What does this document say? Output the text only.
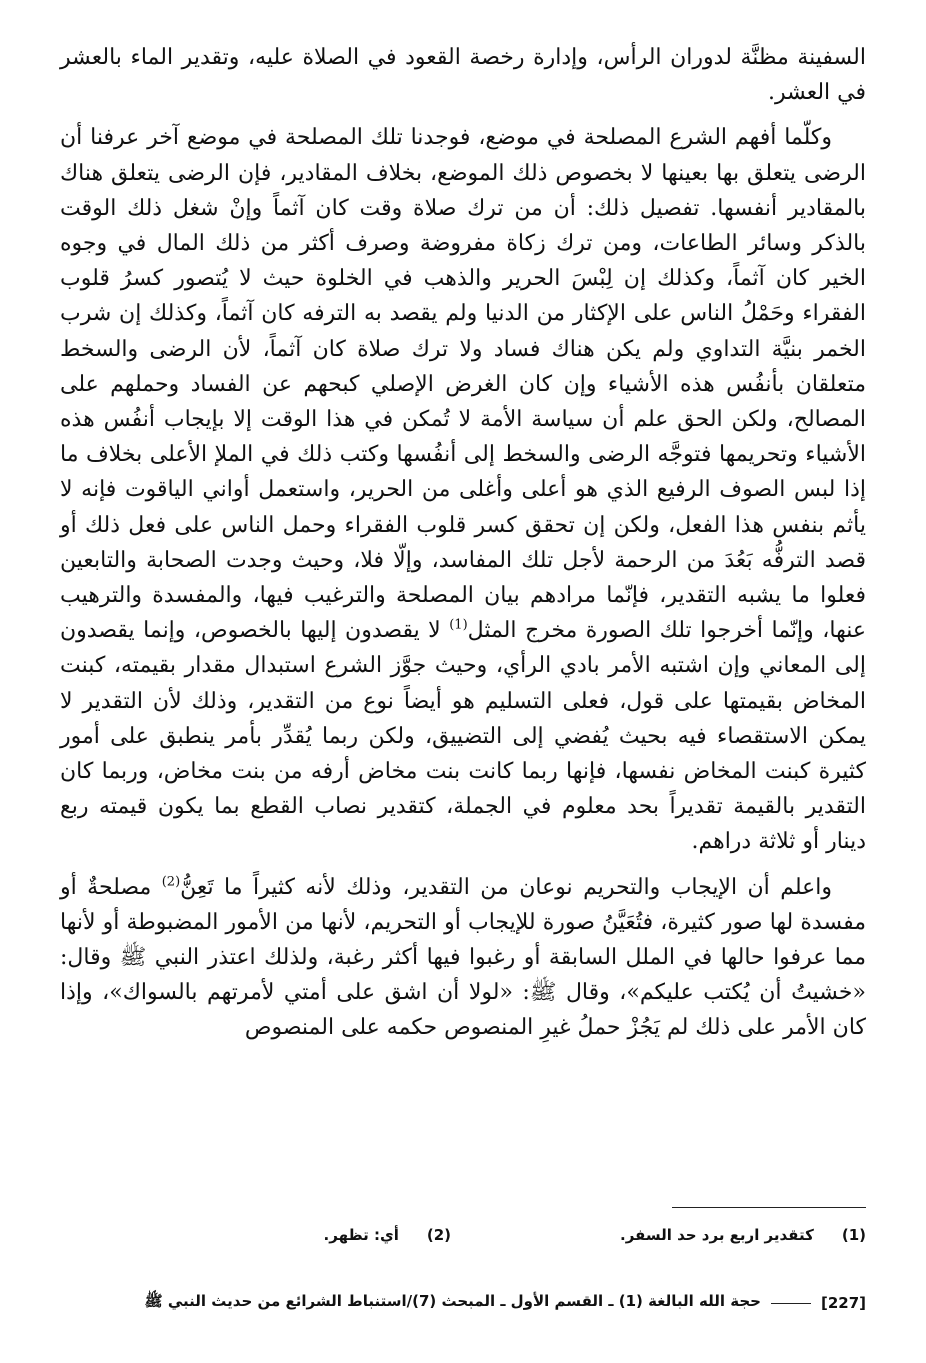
السفينة مظنَّة لدوران الرأس، وإدارة رخصة القعود في الصلاة عليه، وتقدير الماء بالعشر في العشر.

وكلّما أفهم الشرع المصلحة في موضع، فوجدنا تلك المصلحة في موضع آخر عرفنا أن الرضى يتعلق بها بعينها لا بخصوص ذلك الموضع، بخلاف المقادير، فإن الرضى يتعلق هناك بالمقادير أنفسها. تفصيل ذلك: أن من ترك صلاة وقت كان آثماً وإنْ شغل ذلك الوقت بالذكر وسائر الطاعات، ومن ترك زكاة مفروضة وصرف أكثر من ذلك المال في وجوه الخير كان آثماً، وكذلك إن لِبْسَ الحرير والذهب في الخلوة حيث لا يُتصور كسرُ قلوب الفقراء وحَمْلُ الناس على الإكثار من الدنيا ولم يقصد به الترفه كان آثماً، وكذلك إن شرب الخمر بنيَّة التداوي ولم يكن هناك فساد ولا ترك صلاة كان آثماً، لأن الرضى والسخط متعلقان بأنفُس هذه الأشياء وإن كان الغرض الإصلي كبحهم عن الفساد وحملهم على المصالح، ولكن الحق علم أن سياسة الأمة لا تُمكن في هذا الوقت إلا بإيجاب أنفُس هذه الأشياء وتحريمها فتوجَّه الرضى والسخط إلى أنفُسها وكتب ذلك في الملإ الأعلى بخلاف ما إذا لبس الصوف الرفيع الذي هو أعلى وأغلى من الحرير، واستعمل أواني الياقوت فإنه لا يأثم بنفس هذا الفعل، ولكن إن تحقق كسر قلوب الفقراء وحمل الناس على فعل ذلك أو قصد الترفُّه بَعُدَ من الرحمة لأجل تلك المفاسد، وإلّا فلا، وحيث وجدت الصحابة والتابعين فعلوا ما يشبه التقدير، فإنّما مرادهم بيان المصلحة والترغيب فيها، والمفسدة والترهيب عنها، وإنّما أخرجوا تلك الصورة مخرج المثل$^{(1)}$ لا يقصدون إليها بالخصوص، وإنما يقصدون إلى المعاني وإن اشتبه الأمر بادي الرأي، وحيث جوَّز الشرع استبدال مقدار بقيمته، كبنت المخاض بقيمتها على قول، فعلى التسليم هو أيضاً نوع من التقدير، وذلك لأن التقدير لا يمكن الاستقصاء فيه بحيث يُفضي إلى التضييق، ولكن ربما يُقدِّر بأمر ينطبق على أمور كثيرة كبنت المخاض نفسها، فإنها ربما كانت بنت مخاض أرفه من بنت مخاض، وربما كان التقدير بالقيمة تقديراً بحد معلوم في الجملة، كتقدير نصاب القطع بما يكون قيمته ربع دينار أو ثلاثة دراهم.

واعلم أن الإيجاب والتحريم نوعان من التقدير، وذلك لأنه كثيراً ما تَعِنُّ$^{(2)}$ مصلحةٌ أو مفسدة لها صور كثيرة، فتُعَيَّنُ صورة للإيجاب أو التحريم، لأنها من الأمور المضبوطة أو لأنها مما عرفوا حالها في الملل السابقة أو رغبوا فيها أكثر رغبة، ولذلك اعتذر النبي ﷺ وقال: «خشيتُ أن يُكتب عليكم»، وقال ﷺ: «لولا أن اشق على أمتي لأمرتهم بالسواك»، وإذا كان الأمر على ذلك لم يَجُزْ حملُ غيرِ المنصوص حكمه على المنصوص

(1)كتقدير اربع برد حد السفر.
(2)أي: تظهر.
[227]
حجة الله البالغة (1) ـ القسم الأول ـ المبحث (7)/استنباط الشرائع من حديث النبي ﷺ
